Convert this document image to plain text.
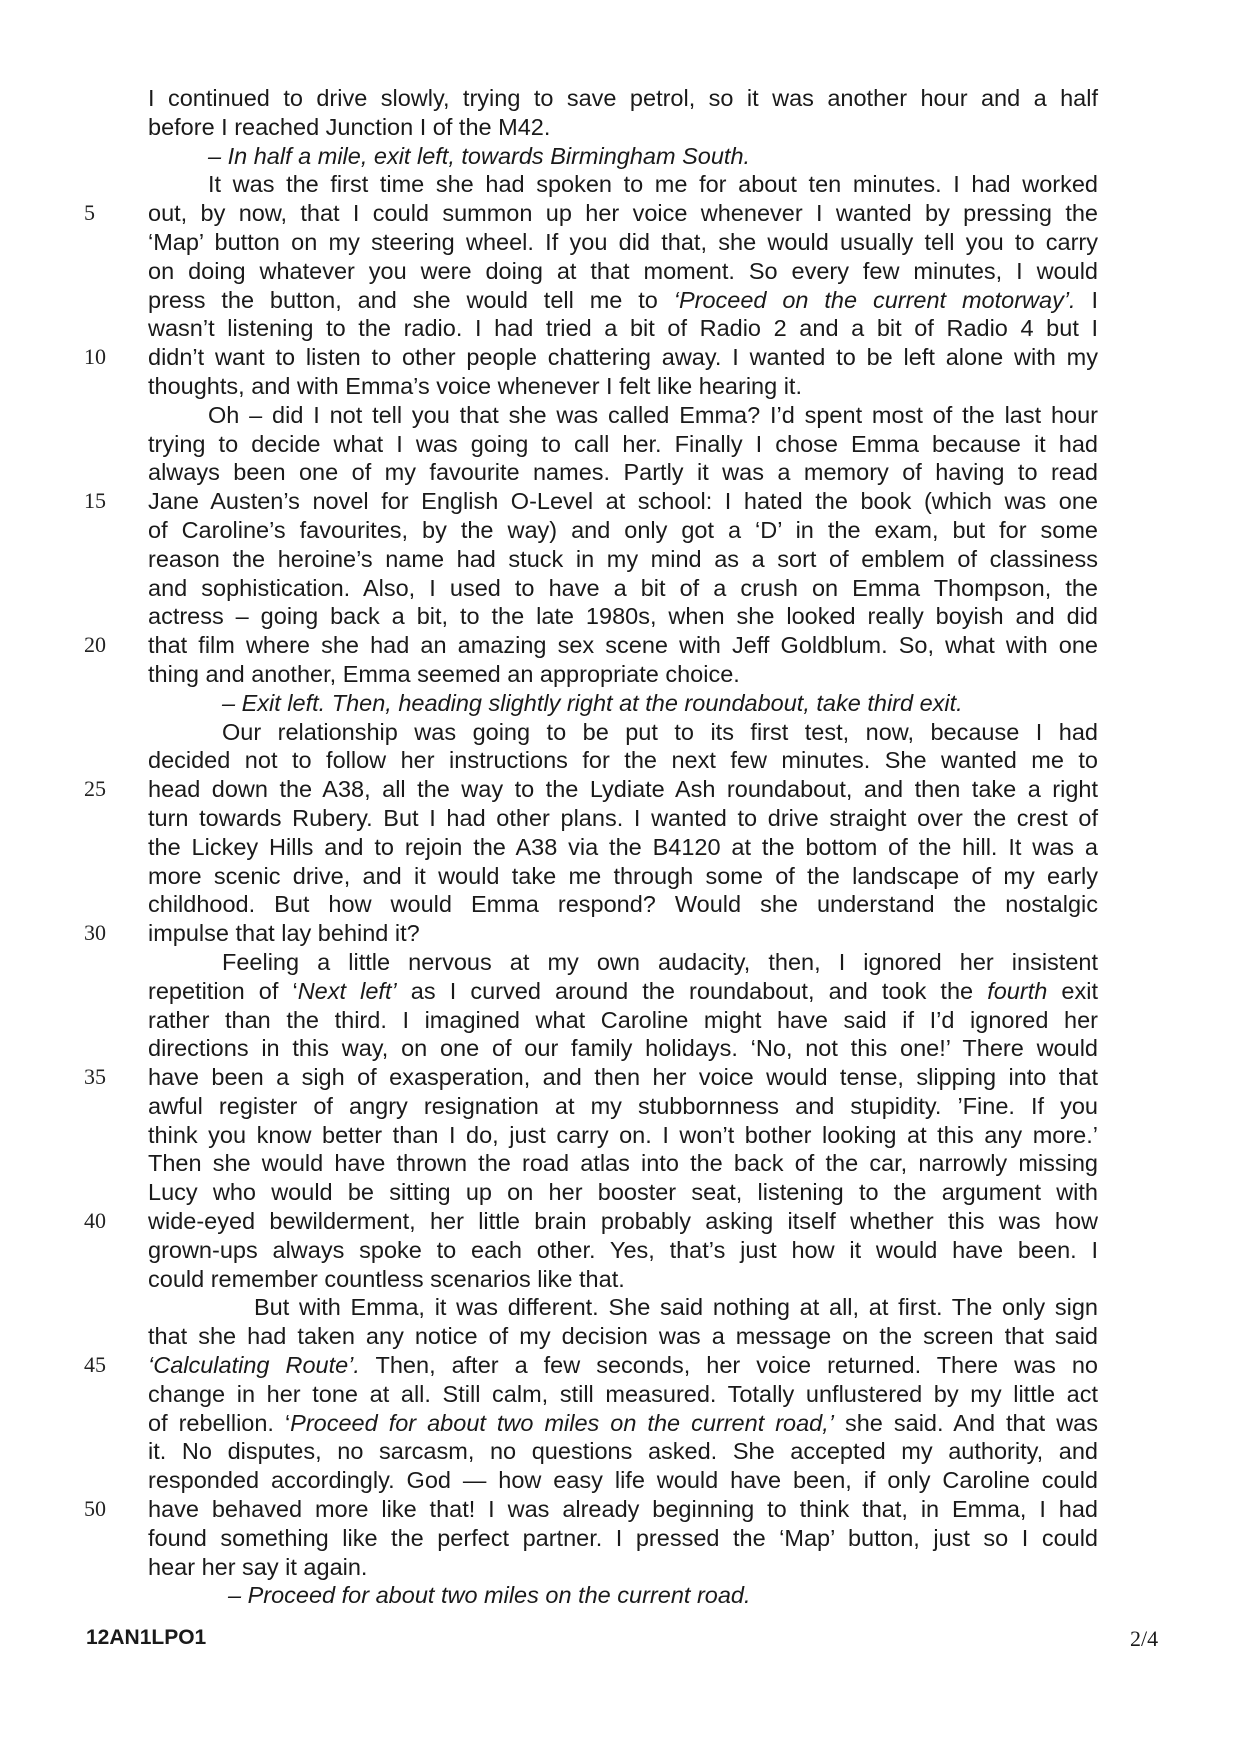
I continued to drive slowly, trying to save petrol, so it was another hour and a half
before I reached Junction I of the M42.
– In half a mile, exit left, towards Birmingham South.
It was the first time she had spoken to me for about ten minutes. I had worked
5	out, by now, that I could summon up her voice whenever I wanted by pressing the
‘Map’ button on my steering wheel. If you did that, she would usually tell you to carry
on doing whatever you were doing at that moment. So every few minutes, I would
press the button, and she would tell me to ‘Proceed on the current motorway’. I
wasn’t listening to the radio. I had tried a bit of Radio 2 and a bit of Radio 4 but I
10	didn’t want to listen to other people chattering away. I wanted to be left alone with my
thoughts, and with Emma’s voice whenever I felt like hearing it.
Oh – did I not tell you that she was called Emma? I’d spent most of the last hour
trying to decide what I was going to call her. Finally I chose Emma because it had
always been one of my favourite names. Partly it was a memory of having to read
15	Jane Austen’s novel for English O-Level at school: I hated the book (which was one
of Caroline’s favourites, by the way) and only got a ‘D’ in the exam, but for some
reason the heroine’s name had stuck in my mind as a sort of emblem of classiness
and sophistication. Also, I used to have a bit of a crush on Emma Thompson, the
actress – going back a bit, to the late 1980s, when she looked really boyish and did
20	that film where she had an amazing sex scene with Jeff Goldblum. So, what with one
thing and another, Emma seemed an appropriate choice.
– Exit left. Then, heading slightly right at the roundabout, take third exit.
Our relationship was going to be put to its first test, now, because I had
decided not to follow her instructions for the next few minutes. She wanted me to
25	head down the A38, all the way to the Lydiate Ash roundabout, and then take a right
turn towards Rubery. But I had other plans. I wanted to drive straight over the crest of
the Lickey Hills and to rejoin the A38 via the B4120 at the bottom of the hill. It was a
more scenic drive, and it would take me through some of the landscape of my early
childhood. But how would Emma respond? Would she understand the nostalgic
30	impulse that lay behind it?
Feeling a little nervous at my own audacity, then, I ignored her insistent
repetition of ‘Next left’ as I curved around the roundabout, and took the fourth exit
rather than the third. I imagined what Caroline might have said if I’d ignored her
directions in this way, on one of our family holidays. ‘No, not this one!’ There would
35	have been a sigh of exasperation, and then her voice would tense, slipping into that
awful register of angry resignation at my stubbornness and stupidity. ’Fine. If you
think you know better than I do, just carry on. I won’t bother looking at this any more.’
Then she would have thrown the road atlas into the back of the car, narrowly missing
Lucy who would be sitting up on her booster seat, listening to the argument with
40	wide-eyed bewilderment, her little brain probably asking itself whether this was how
grown-ups always spoke to each other. Yes, that’s just how it would have been. I
could remember countless scenarios like that.
But with Emma, it was different. She said nothing at all, at first. The only sign
that she had taken any notice of my decision was a message on the screen that said
45	‘Calculating Route’. Then, after a few seconds, her voice returned. There was no
change in her tone at all. Still calm, still measured. Totally unflustered by my little act
of rebellion. ‘Proceed for about two miles on the current road,’ she said. And that was
it. No disputes, no sarcasm, no questions asked. She accepted my authority, and
responded accordingly. God — how easy life would have been, if only Caroline could
50	have behaved more like that! I was already beginning to think that, in Emma, I had
found something like the perfect partner. I pressed the ‘Map’ button, just so I could
hear her say it again.
– Proceed for about two miles on the current road.
12AN1LPO1	2/4
